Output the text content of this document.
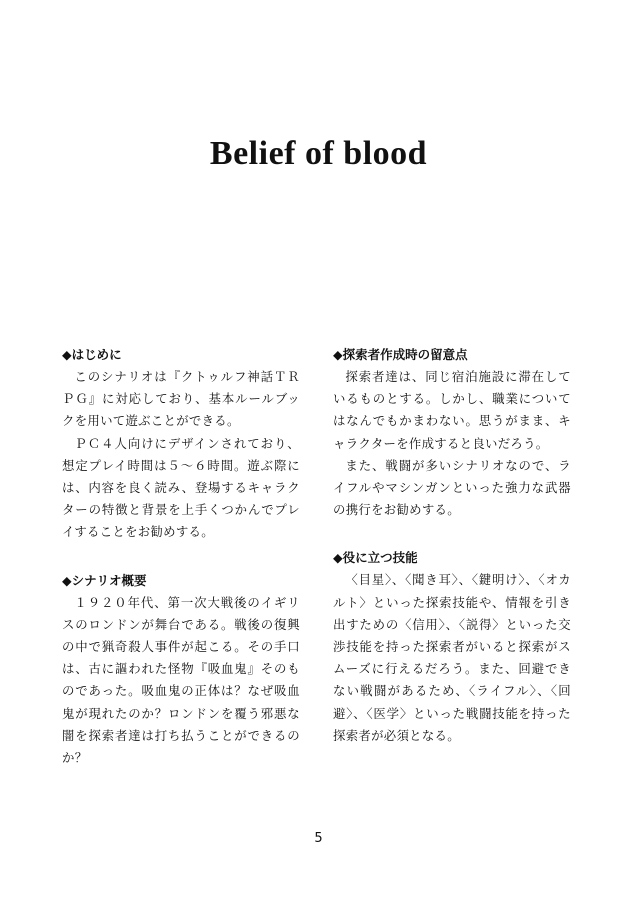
Belief of blood

◆はじめに

このシナリオは『クトゥルフ神話ＴＲＰＧ』に対応しており、基本ルールブックを用いて遊ぶことができる。

ＰＣ４人向けにデザインされており、想定プレイ時間は５～６時間。遊ぶ際には、内容を良く読み、登場するキャラクターの特徴と背景を上手くつかんでプレイすることをお勧めする。

◆シナリオ概要

１９２０年代、第一次大戦後のイギリスのロンドンが舞台である。戦後の復興の中で猟奇殺人事件が起こる。その手口は、古に謳われた怪物『吸血鬼』そのものであった。吸血鬼の正体は？なぜ吸血鬼が現れたのか？ロンドンを覆う邪悪な闇を探索者達は打ち払うことができるのか？

◆探索者作成時の留意点

探索者達は、同じ宿泊施設に滞在しているものとする。しかし、職業についてはなんでもかまわない。思うがまま、キャラクターを作成すると良いだろう。

また、戦闘が多いシナリオなので、ライフルやマシンガンといった強力な武器の携行をお勧めする。

◆役に立つ技能

〈目星〉、〈聞き耳〉、〈鍵明け〉、〈オカルト〉といった探索技能や、情報を引き出すための〈信用〉、〈説得〉といった交渉技能を持った探索者がいると探索がスムーズに行えるだろう。また、回避できない戦闘があるため、〈ライフル〉、〈回避〉、〈医学〉といった戦闘技能を持った探索者が必須となる。

5
